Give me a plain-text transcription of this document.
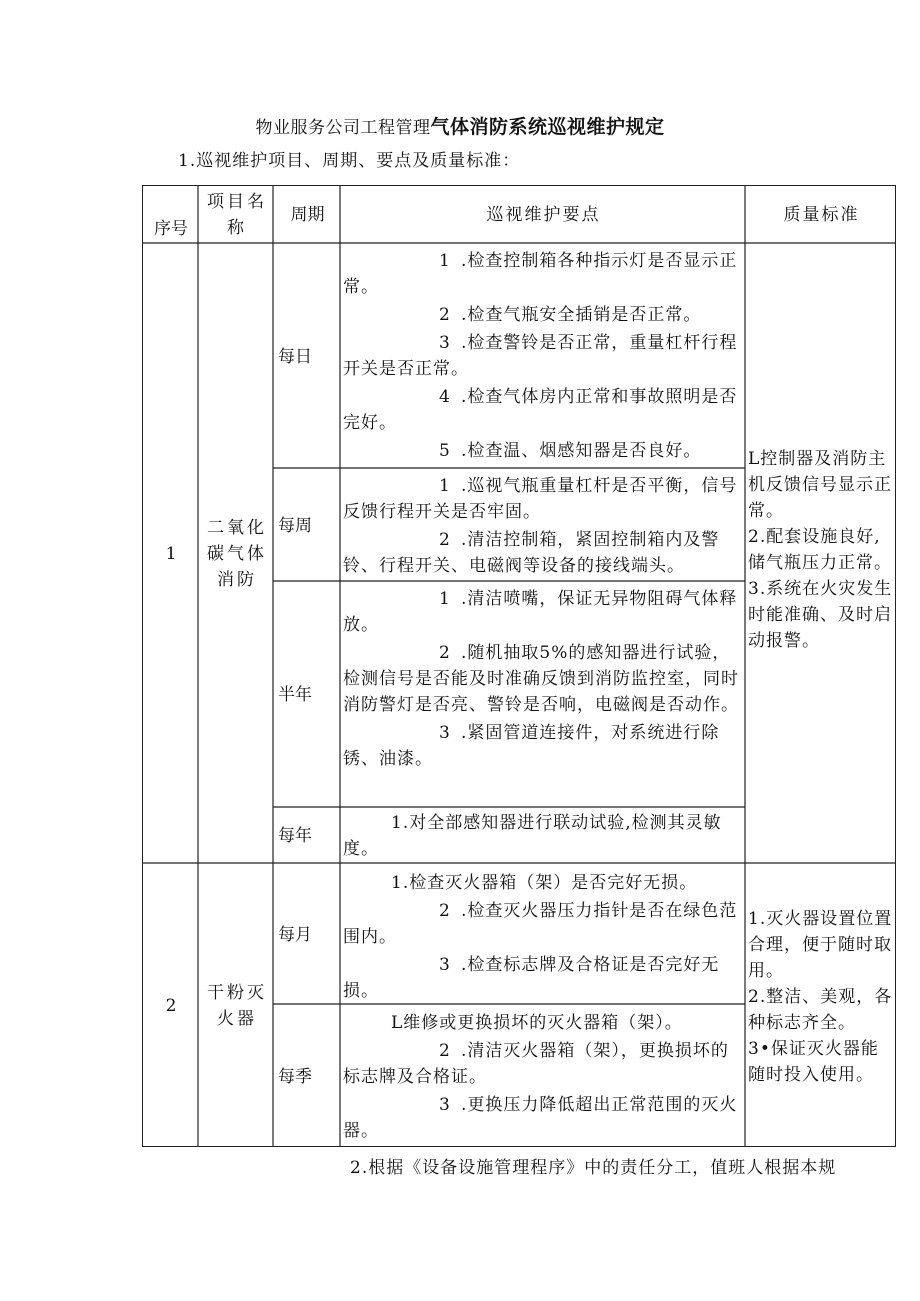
物业服务公司工程管理气体消防系统巡视维护规定
1.巡视维护项目、周期、要点及质量标准：
序号
项目名称
周期	巡视维护要点	质量标准
1
二氧化碳气体消防
每日
每周
半年
每年

1 .检查控制箱各种指示灯是否显示正常。

2 .检查气瓶安全插销是否正常。

3 .检查警铃是否正常，重量杠杆行程开关是否正常。

4 .检查气体房内正常和事故照明是否完好。

5 .检查温、烟感知器是否良好。

1 .巡视气瓶重量杠杆是否平衡，信号反馈行程开关是否牢固。

2 .清洁控制箱，紧固控制箱内及警铃、行程开关、电磁阀等设备的接线端头。

1 .清洁喷嘴，保证无异物阻碍气体释放。

2 .随机抽取5%的感知器进行试验，检测信号是否能及时准确反馈到消防监控室，同时消防警灯是否亮、警铃是否响，电磁阀是否动作。

3 .紧固管道连接件，对系统进行除锈、油漆。

1.对全部感知器进行联动试验,检测其灵敏度。

L控制器及消防主机反馈信号显示正常。

2.配套设施良好,储气瓶压力正常。

3.系统在火灾发生时能准确、及时启动报警。

2
干粉灭火器
每月
每季

1.检查灭火器箱（架）是否完好无损。

2 .检查灭火器压力指针是否在绿色范围内。

3 .检查标志牌及合格证是否完好无损。

L维修或更换损坏的灭火器箱（架）。

2 .清洁灭火器箱（架），更换损坏的标志牌及合格证。

3 .更换压力降低超出正常范围的灭火器。

1.灭火器设置位置合理，便于随时取用。

2.整洁、美观，各种标志齐全。

3•保证灭火器能随时投入使用。

2.根据《设备设施管理程序》中的责任分工，值班人根据本规
